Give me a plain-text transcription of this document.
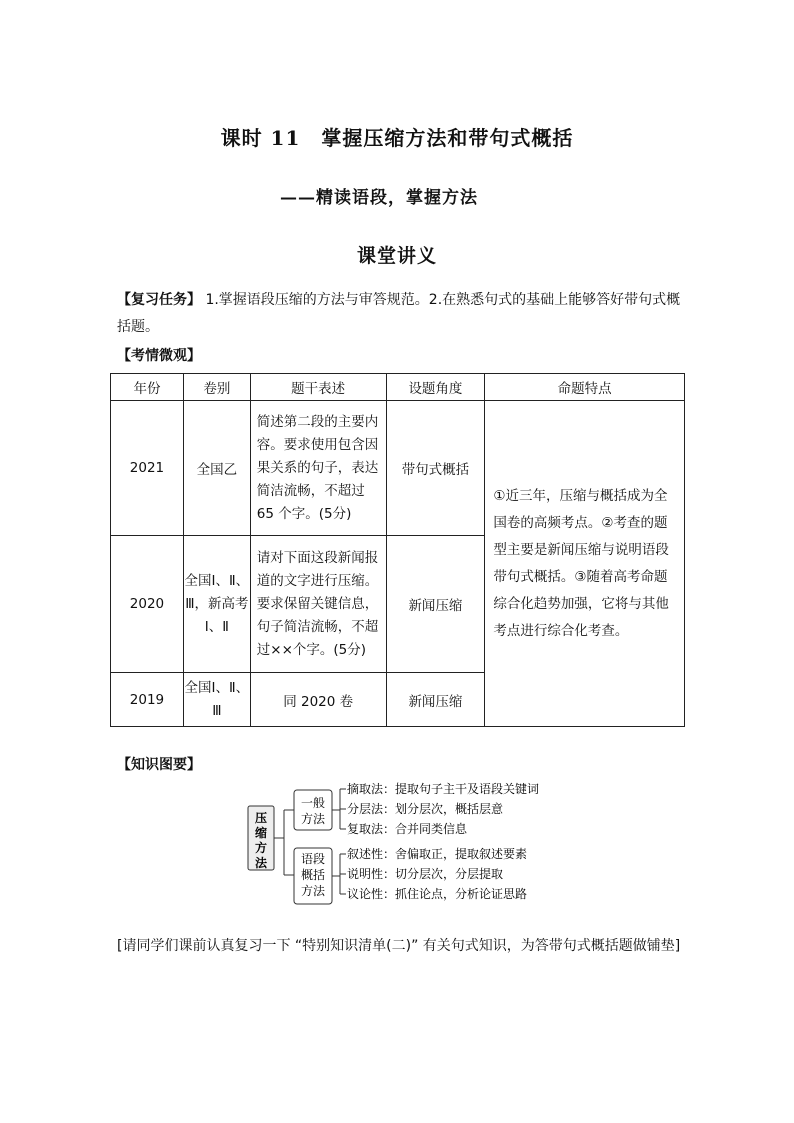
课时 11　掌握压缩方法和带句式概括
——精读语段，掌握方法
课堂讲义
【复习任务】 1.掌握语段压缩的方法与审答规范。2.在熟悉句式的基础上能够答好带句式概括题。
【考情微观】
年份	卷别	题干表述	设题角度	命题特点
2021	全国乙	简述第二段的主要内容。要求使用包含因果关系的句子，表达简洁流畅，不超过 65 个字。(5分)	带句式概括	①近三年，压缩与概括成为全国卷的高频考点。②考查的题型主要是新闻压缩与说明语段带句式概括。③随着高考命题综合化趋势加强，它将与其他考点进行综合化考查。
2020	全国Ⅰ、Ⅱ、Ⅲ，新高考Ⅰ、Ⅱ	请对下面这段新闻报道的文字进行压缩。要求保留关键信息，句子简洁流畅，不超过××个字。(5分)	新闻压缩	
2019	全国Ⅰ、Ⅱ、Ⅲ	同 2020 卷	新闻压缩	
【知识图要】
压
缩
方
法
一般
方法
摘取法：提取句子主干及语段关键词
分层法：划分层次，概括层意
复取法：合并同类信息
语段
概括
方法
叙述性：舍偏取正，提取叙述要素
说明性：切分层次，分层提取
议论性：抓住论点，分析论证思路
[请同学们课前认真复习一下 “特别知识清单(二)” 有关句式知识，为答带句式概括题做铺垫]
